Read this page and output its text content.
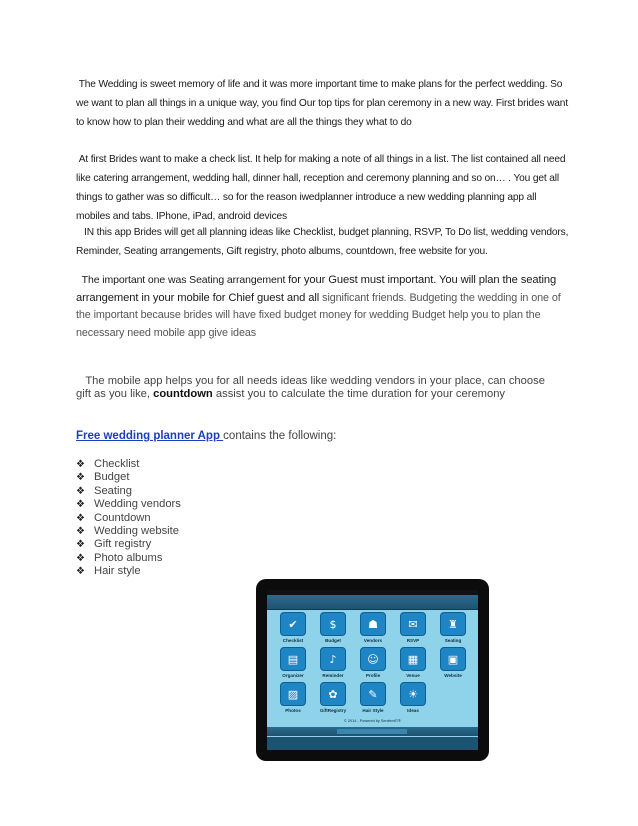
The Wedding is sweet memory of life and it was more important time to make plans for the perfect wedding. So we want to plan all things in a unique way, you find Our top tips for plan ceremony in a new way. First brides want to know how to plan their wedding and what are all the things they what to do

At first Brides want to make a check list. It help for making a note of all things in a list. The list contained all need like catering arrangement, wedding hall, dinner hall, reception and ceremony planning and so on… . You get all things to gather was so difficult… so for the reason iwedplanner introduce a new wedding planning app all mobiles and tabs. IPhone, iPad, android devices

IN this app Brides will get all planning ideas like Checklist, budget planning, RSVP, To Do list, wedding vendors, Reminder, Seating arrangements, Gift registry, photo albums, countdown, free website for you.

The important one was Seating arrangement for your Guest must important. You will plan the seating arrangement in your mobile for Chief guest and all significant friends. Budgeting the wedding in one of the important because brides will have fixed budget money for wedding Budget help you to plan the necessary need mobile app give ideas

The mobile app helps you for all needs ideas like wedding vendors in your place, can choose gift as you like, countdown assist you to calculate the time duration for your ceremony

Free wedding planner App contains the following:

❖ Checklist
❖ Budget
❖ Seating
❖ Wedding vendors
❖ Countdown
❖ Wedding website
❖ Gift registry
❖ Photo albums
❖ Hair style
✔
Checklist
$
Budget
☗
Vendors
✉
RSVP
♜
Seating
▤
Organizer
♪
Reminder
☺
Profile
▦
Venue
▣
Website
▨
Photos
✿
GiftRegistry
✎
Hair Style
☀
Ideas
© 2014 - Powered by SentientIT®
